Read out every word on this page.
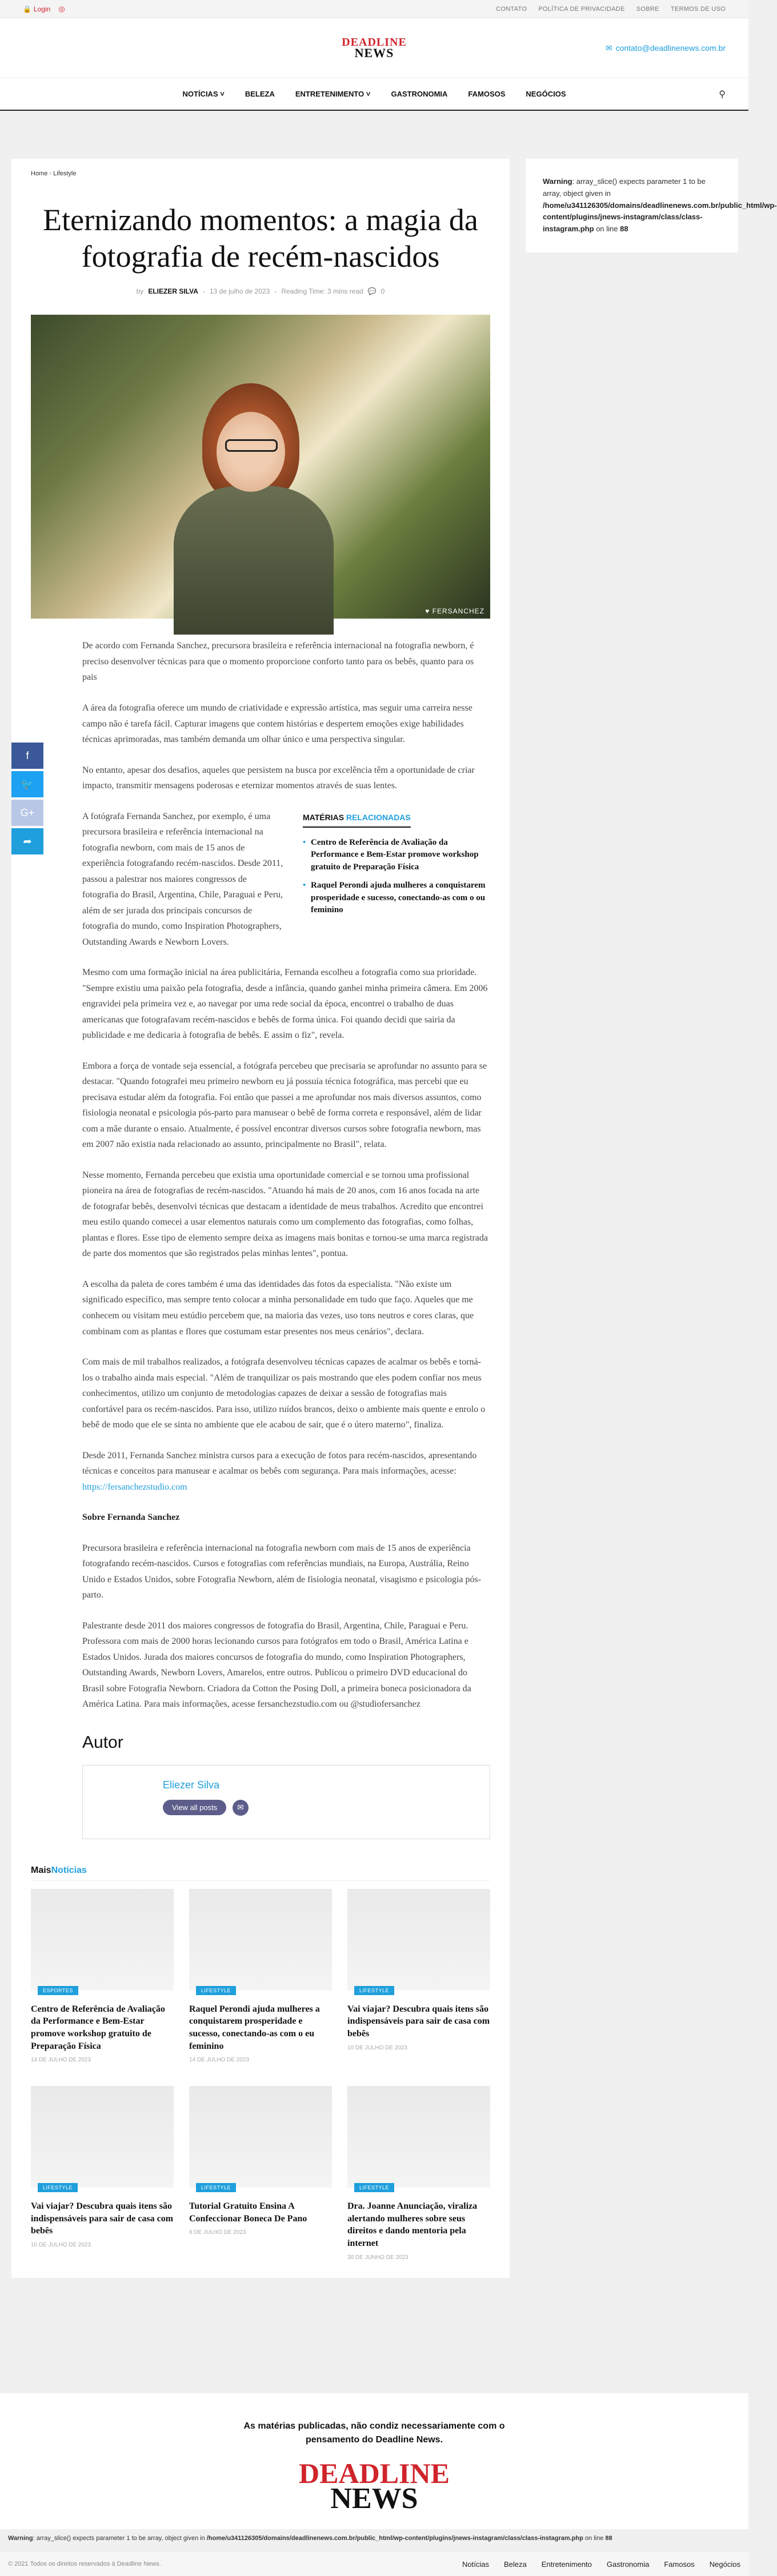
🔒 Login ◎	CONTATO POLÍTICA DE PRIVACIDADE SOBRE TERMOS DE USO
DEADLINE
NEWS	✉ contato@deadlinenews.com.br
NOTÍCIAS ˅	BELEZA	ENTRETENIMENTO ˅	GASTRONOMIA	FAMOSOS	NEGÓCIOS	⚲
Home › Lifestyle
Eternizando momentos: a magia da fotografia de recém-nascidos
by ELIEZER SILVA - 13 de julho de 2023 - Reading Time: 3 mins read 💬 0
♥ FERSANCHEZ
f
🐦
G+
➦

De acordo com Fernanda Sanchez, precursora brasileira e referência internacional na fotografia newborn, é preciso desenvolver técnicas para que o momento proporcione conforto tanto para os bebês, quanto para os pais

A área da fotografia oferece um mundo de criatividade e expressão artística, mas seguir uma carreira nesse campo não é tarefa fácil. Capturar imagens que contem histórias e despertem emoções exige habilidades técnicas aprimoradas, mas também demanda um olhar único e uma perspectiva singular.

No entanto, apesar dos desafios, aqueles que persistem na busca por excelência têm a oportunidade de criar impacto, transmitir mensagens poderosas e eternizar momentos através de suas lentes.

MATÉRIAS RELACIONADAS
• Centro de Referência de Avaliação da Performance e Bem-Estar promove workshop gratuito de Preparação Física
• Raquel Perondi ajuda mulheres a conquistarem prosperidade e sucesso, conectando-as com o ou feminino

A fotógrafa Fernanda Sanchez, por exemplo, é uma precursora brasileira e referência internacional na fotografia newborn, com mais de 15 anos de experiência fotografando recém-nascidos. Desde 2011, passou a palestrar nos maiores congressos de fotografia do Brasil, Argentina, Chile, Paraguai e Peru, além de ser jurada dos principais concursos de fotografia do mundo, como Inspiration Photographers, Outstanding Awards e Newborn Lovers.

Mesmo com uma formação inicial na área publicitária, Fernanda escolheu a fotografia como sua prioridade. "Sempre existiu uma paixão pela fotografia, desde a infância, quando ganhei minha primeira câmera. Em 2006 engravidei pela primeira vez e, ao navegar por uma rede social da época, encontrei o trabalho de duas americanas que fotografavam recém-nascidos e bebês de forma única. Foi quando decidi que sairia da publicidade e me dedicaria à fotografia de bebês. E assim o fiz", revela.

Embora a força de vontade seja essencial, a fotógrafa percebeu que precisaria se aprofundar no assunto para se destacar. "Quando fotografei meu primeiro newborn eu já possuía técnica fotográfica, mas percebi que eu precisava estudar além da fotografia. Foi então que passei a me aprofundar nos mais diversos assuntos, como fisiologia neonatal e psicologia pós-parto para manusear o bebê de forma correta e responsável, além de lidar com a mãe durante o ensaio. Atualmente, é possível encontrar diversos cursos sobre fotografia newborn, mas em 2007 não existia nada relacionado ao assunto, principalmente no Brasil", relata.

Nesse momento, Fernanda percebeu que existia uma oportunidade comercial e se tornou uma profissional pioneira na área de fotografias de recém-nascidos. "Atuando há mais de 20 anos, com 16 anos focada na arte de fotografar bebês, desenvolvi técnicas que destacam a identidade de meus trabalhos. Acredito que encontrei meu estilo quando comecei a usar elementos naturais como um complemento das fotografias, como folhas, plantas e flores. Esse tipo de elemento sempre deixa as imagens mais bonitas e tornou-se uma marca registrada de parte dos momentos que são registrados pelas minhas lentes", pontua.

A escolha da paleta de cores também é uma das identidades das fotos da especialista. "Não existe um significado específico, mas sempre tento colocar a minha personalidade em tudo que faço. Aqueles que me conhecem ou visitam meu estúdio percebem que, na maioria das vezes, uso tons neutros e cores claras, que combinam com as plantas e flores que costumam estar presentes nos meus cenários", declara.

Com mais de mil trabalhos realizados, a fotógrafa desenvolveu técnicas capazes de acalmar os bebês e torná-los o trabalho ainda mais especial. "Além de tranquilizar os pais mostrando que eles podem confiar nos meus conhecimentos, utilizo um conjunto de metodologias capazes de deixar a sessão de fotografias mais confortável para os recém-nascidos. Para isso, utilizo ruídos brancos, deixo o ambiente mais quente e enrolo o bebê de modo que ele se sinta no ambiente que ele acabou de sair, que é o útero materno", finaliza.

Desde 2011, Fernanda Sanchez ministra cursos para a execução de fotos para recém-nascidos, apresentando técnicas e conceitos para manusear e acalmar os bebês com segurança. Para mais informações, acesse: https://fersanchezstudio.com

Sobre Fernanda Sanchez

Precursora brasileira e referência internacional na fotografia newborn com mais de 15 anos de experiência fotografando recém-nascidos. Cursos e fotografias com referências mundiais, na Europa, Austrália, Reino Unido e Estados Unidos, sobre Fotografia Newborn, além de fisiologia neonatal, visagismo e psicologia pós-parto.

Palestrante desde 2011 dos maiores congressos de fotografia do Brasil, Argentina, Chile, Paraguai e Peru. Professora com mais de 2000 horas lecionando cursos para fotógrafos em todo o Brasil, América Latina e Estados Unidos. Jurada dos maiores concursos de fotografia do mundo, como Inspiration Photographers, Outstanding Awards, Newborn Lovers, Amarelos, entre outros. Publicou o primeiro DVD educacional do Brasil sobre Fotografia Newborn. Criadora da Cotton the Posing Doll, a primeira boneca posicionadora da América Latina. Para mais informações, acesse fersanchezstudio.com ou @studiofersanchez

Autor
Eliezer Silva
View all posts	✉
MaisNotícias
ESPORTES
Centro de Referência de Avaliação da Performance e Bem-Estar promove workshop gratuito de Preparação Física
14 DE JULHO DE 2023
LIFESTYLE
Raquel Perondi ajuda mulheres a conquistarem prosperidade e sucesso, conectando-as com o eu feminino
14 DE JULHO DE 2023
LIFESTYLE
Vai viajar? Descubra quais itens são indispensáveis para sair de casa com bebês
10 DE JULHO DE 2023
LIFESTYLE
Vai viajar? Descubra quais itens são indispensáveis para sair de casa com bebês
10 DE JULHO DE 2023
LIFESTYLE
Tutorial Gratuito Ensina A Confeccionar Boneca De Pano
6 DE JULHO DE 2023
LIFESTYLE
Dra. Joanne Anunciação, viraliza alertando mulheres sobre seus direitos e dando mentoria pela internet
30 DE JUNHO DE 2023
Warning: array_slice() expects parameter 1 to be array, object given in /home/u341126305/domains/deadlinenews.com.br/public_html/wp-content/plugins/jnews-instagram/class/class-instagram.php on line 88
As matérias publicadas, não condiz necessariamente com o pensamento do Deadline News.
DEADLINE
NEWS
Warning: array_slice() expects parameter 1 to be array, object given in /home/u341126305/domains/deadlinenews.com.br/public_html/wp-content/plugins/jnews-instagram/class/class-instagram.php on line 88
© 2021 Todos os direitos reservados à Deadline News.	Notícias Beleza Entretenimento Gastronomia Famosos Negócios
